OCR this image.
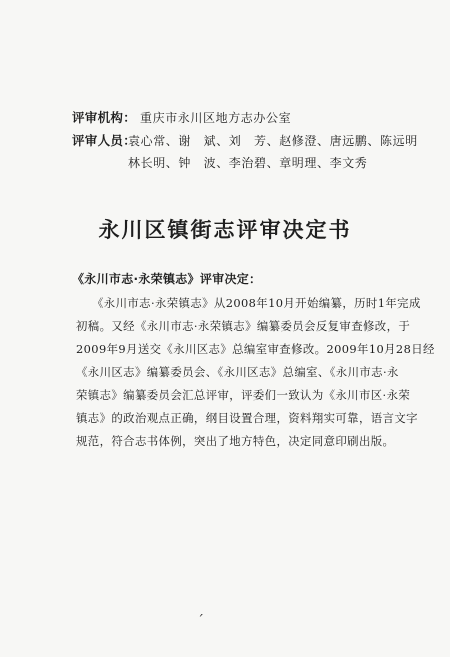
评审机构： 重庆市永川区地方志办公室
评审人员：
袁心常、谢　斌、刘　芳、赵修澄、唐远鹏、陈远明
林长明、钟　波、李治碧、章明理、李文秀
永川区镇街志评审决定书
《永川市志·永荣镇志》评审决定：
《永川市志·永荣镇志》从2008年10月开始编纂，历时1年完成
初稿。又经《永川市志·永荣镇志》编纂委员会反复审查修改，于
2009年9月送交《永川区志》总编室审查修改。2009年10月28日经
《永川区志》编纂委员会、《永川区志》总编室、《永川市志·永
荣镇志》编纂委员会汇总评审，评委们一致认为《永川市区·永荣
镇志》的政治观点正确，纲目设置合理，资料翔实可靠，语言文字
规范，符合志书体例，突出了地方特色，决定同意印刷出版。
´
